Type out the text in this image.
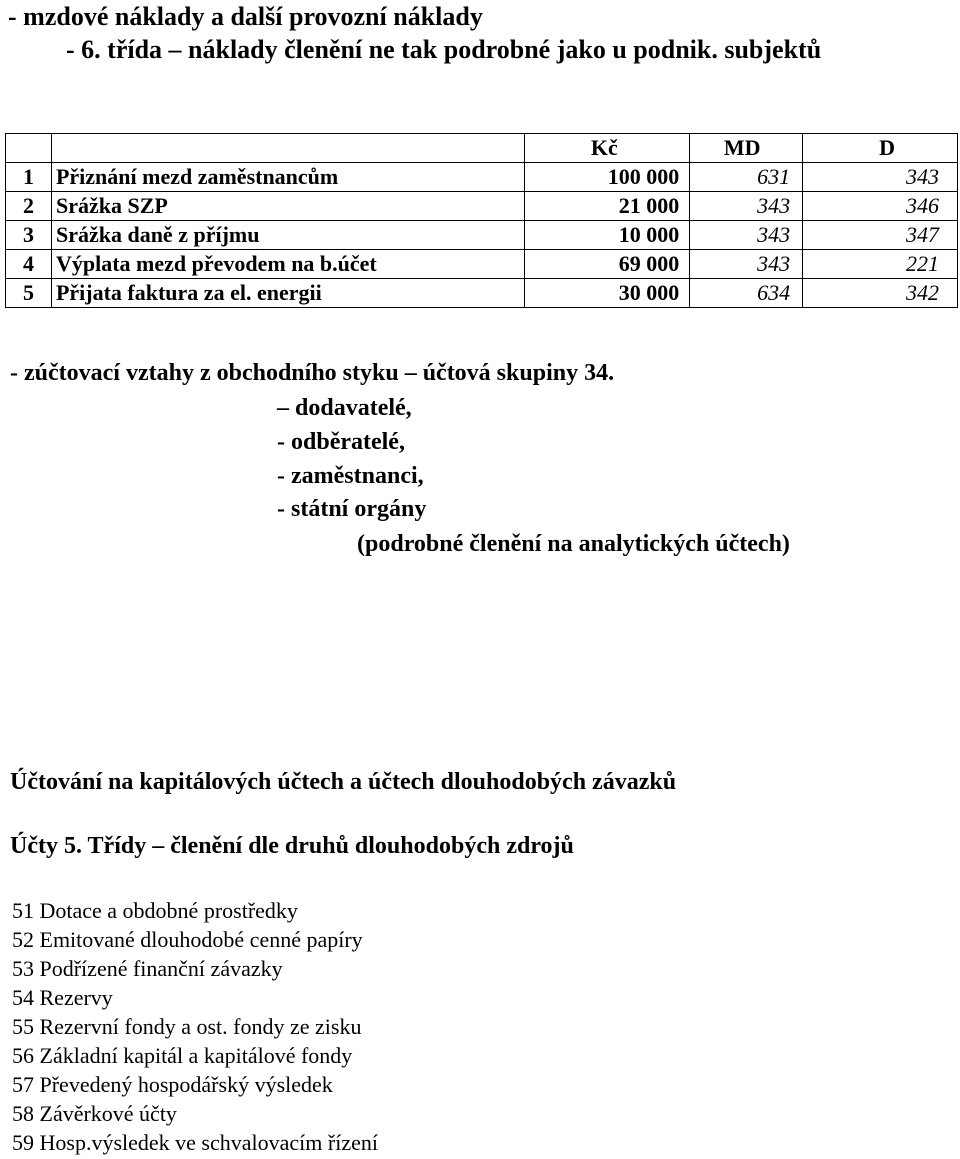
- mzdové náklady a další provozní náklady
- 6. třída – náklady členění ne tak podrobné jako u podnik. subjektů
		Kč	MD	D
1	Přiznání mezd zaměstnancům	100 000	631	343
2	Srážka SZP	21 000	343	346
3	Srážka daně z příjmu	10 000	343	347
4	Výplata mezd převodem na b.účet	69 000	343	221
5	Přijata faktura za el. energii	30 000	634	342
- zúčtovací vztahy z obchodního styku – účtová skupiny 34.
– dodavatelé,
- odběratelé,
- zaměstnanci,
- státní orgány
(podrobné členění na analytických účtech)
Účtování na kapitálových účtech a účtech dlouhodobých závazků
Účty 5. Třídy – členění dle druhů dlouhodobých zdrojů
51 Dotace a obdobné prostředky
52 Emitované dlouhodobé cenné papíry
53 Podřízené finanční závazky
54 Rezervy
55 Rezervní fondy a ost. fondy ze zisku
56 Základní kapitál a kapitálové fondy
57 Převedený hospodářský výsledek
58 Závěrkové účty
59 Hosp.výsledek ve schvalovacím řízení
